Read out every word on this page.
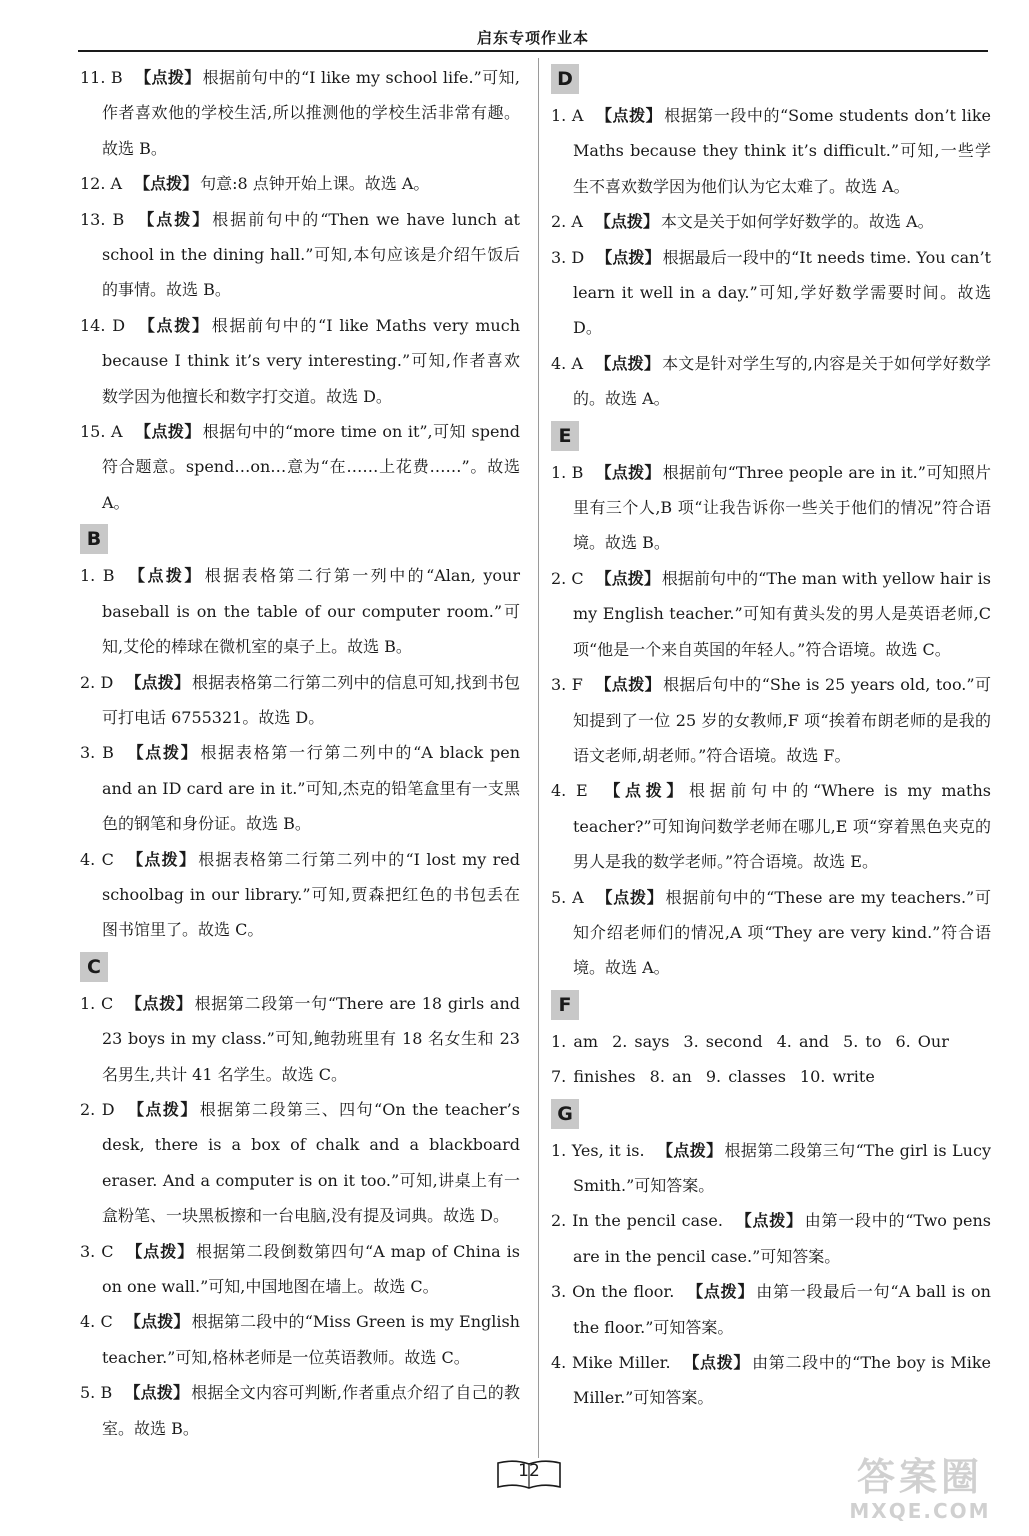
启东专项作业本
11. B 【点拨】 根据前句中的“I like my school life.”可知,作者喜欢他的学校生活,所以推测他的学校生活非常有趣。故选 B。
12. A 【点拨】 句意:8 点钟开始上课。故选 A。
13. B 【点拨】 根据前句中的“Then we have lunch at school in the dining hall.”可知,本句应该是介绍午饭后的事情。故选 B。
14. D 【点拨】 根据前句中的“I like Maths very much because I think it’s very interesting.”可知,作者喜欢数学因为他擅长和数字打交道。故选 D。
15. A 【点拨】 根据句中的“more time on it”,可知 spend 符合题意。spend…on…意为“在……上花费……”。故选 A。
B
1. B 【点拨】 根据表格第二行第一列中的“Alan, your baseball is on the table of our computer room.”可知,艾伦的棒球在微机室的桌子上。故选 B。
2. D 【点拨】 根据表格第二行第二列中的信息可知,找到书包可打电话 6755321。故选 D。
3. B 【点拨】 根据表格第一行第二列中的“A black pen and an ID card are in it.”可知,杰克的铅笔盒里有一支黑色的钢笔和身份证。故选 B。
4. C 【点拨】 根据表格第二行第二列中的“I lost my red schoolbag in our library.”可知,贾森把红色的书包丢在图书馆里了。故选 C。
C
1. C 【点拨】 根据第二段第一句“There are 18 girls and 23 boys in my class.”可知,鲍勃班里有 18 名女生和 23 名男生,共计 41 名学生。故选 C。
2. D 【点拨】 根据第二段第三、四句“On the teacher’s desk, there is a box of chalk and a blackboard eraser. And a computer is on it too.”可知,讲桌上有一盒粉笔、一块黑板擦和一台电脑,没有提及词典。故选 D。
3. C 【点拨】 根据第二段倒数第四句“A map of China is on one wall.”可知,中国地图在墙上。故选 C。
4. C 【点拨】 根据第二段中的“Miss Green is my English teacher.”可知,格林老师是一位英语教师。故选 C。
5. B 【点拨】 根据全文内容可判断,作者重点介绍了自己的教室。故选 B。
D
1. A 【点拨】 根据第一段中的“Some students don’t like Maths because they think it’s difficult.”可知,一些学生不喜欢数学因为他们认为它太难了。故选 A。
2. A 【点拨】 本文是关于如何学好数学的。故选 A。
3. D 【点拨】 根据最后一段中的“It needs time. You can’t learn it well in a day.”可知,学好数学需要时间。故选 D。
4. A 【点拨】 本文是针对学生写的,内容是关于如何学好数学的。故选 A。
E
1. B 【点拨】 根据前句“Three people are in it.”可知照片里有三个人,B 项“让我告诉你一些关于他们的情况”符合语境。故选 B。
2. C 【点拨】 根据前句中的“The man with yellow hair is my English teacher.”可知有黄头发的男人是英语老师,C 项“他是一个来自英国的年轻人。”符合语境。故选 C。
3. F 【点拨】 根据后句中的“She is 25 years old, too.”可知提到了一位 25 岁的女教师,F 项“挨着布朗老师的是我的语文老师,胡老师。”符合语境。故选 F。
4. E 【点拨】 根据前句中的“Where is my maths teacher?”可知询问数学老师在哪儿,E 项“穿着黑色夹克的男人是我的数学老师。”符合语境。故选 E。
5. A 【点拨】 根据前句中的“These are my teachers.”可知介绍老师们的情况,A 项“They are very kind.”符合语境。故选 A。
F
1. am 2. says 3. second 4. and 5. to 6. Our
7. finishes 8. an 9. classes 10. write
G
1. Yes, it is. 【点拨】 根据第二段第三句“The girl is Lucy Smith.”可知答案。
2. In the pencil case. 【点拨】 由第一段中的“Two pens are in the pencil case.”可知答案。
3. On the floor. 【点拨】 由第一段最后一句“A ball is on the floor.”可知答案。
4. Mike Miller. 【点拨】 由第二段中的“The boy is Mike Miller.”可知答案。
12	答案圈
MXQE.COM
